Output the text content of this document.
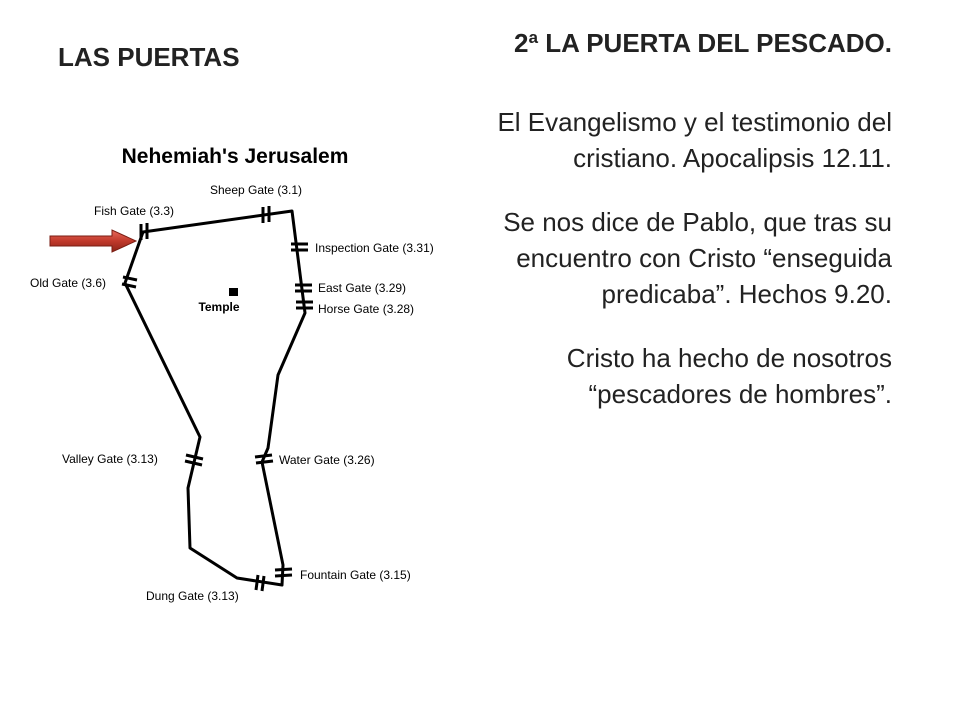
LAS PUERTAS	2ª LA PUERTA DEL PESCADO.

El Evangelismo y el testimonio del cristiano. Apocalipsis 12.11.

Se nos dice de Pablo, que tras su encuentro con Cristo “enseguida predicaba”. Hechos 9.20.

Cristo ha hecho de nosotros “pescadores de hombres”.

Nehemiah's Jerusalem
Temple
Fish Gate (3.3)
Sheep Gate (3.1)
Inspection Gate (3.31)
East Gate (3.29)
Horse Gate (3.28)
Old Gate (3.6)
Valley Gate (3.13)	Water Gate (3.26)
Fountain Gate (3.15)
Dung Gate (3.13)
